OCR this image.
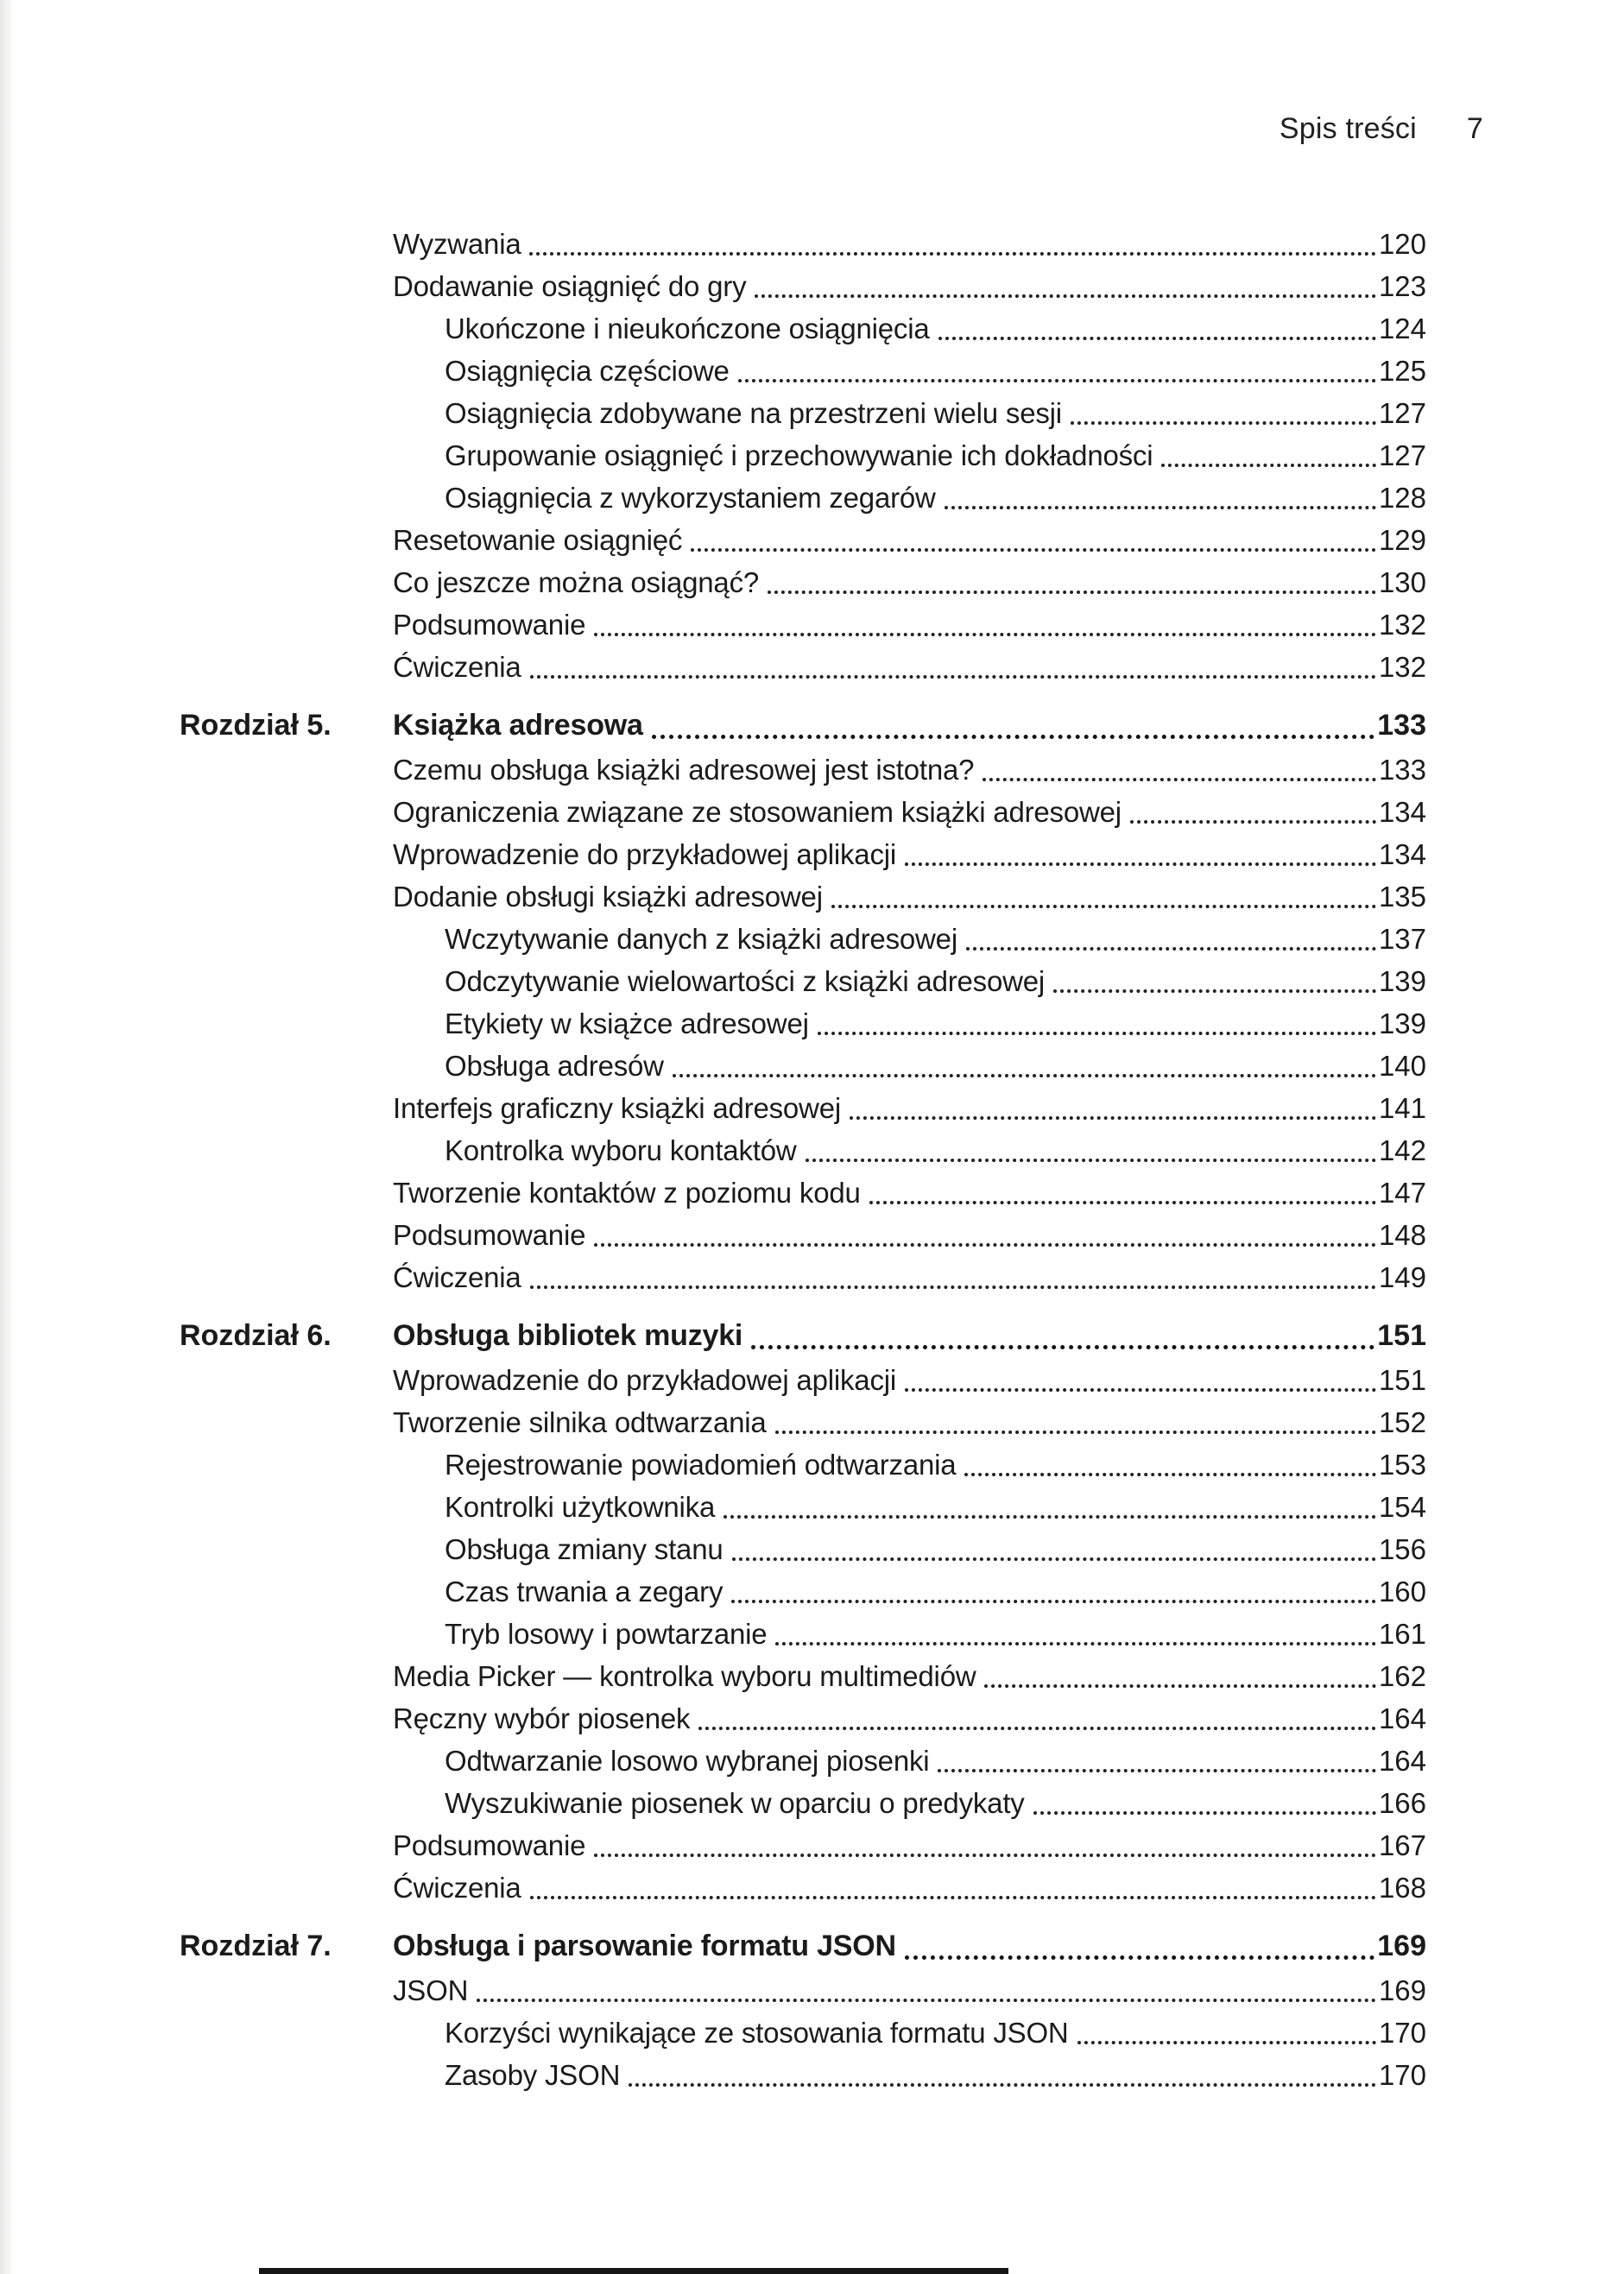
Spis treści 7
Wyzwania	120
Dodawanie osiągnięć do gry	123
Ukończone i nieukończone osiągnięcia	124
Osiągnięcia częściowe	125
Osiągnięcia zdobywane na przestrzeni wielu sesji	127
Grupowanie osiągnięć i przechowywanie ich dokładności	127
Osiągnięcia z wykorzystaniem zegarów	128
Resetowanie osiągnięć	129
Co jeszcze można osiągnąć?	130
Podsumowanie	132
Ćwiczenia	132
Rozdział 5.	Książka adresowa	133
Czemu obsługa książki adresowej jest istotna?	133
Ograniczenia związane ze stosowaniem książki adresowej	134
Wprowadzenie do przykładowej aplikacji	134
Dodanie obsługi książki adresowej	135
Wczytywanie danych z książki adresowej	137
Odczytywanie wielowartości z książki adresowej	139
Etykiety w książce adresowej	139
Obsługa adresów	140
Interfejs graficzny książki adresowej	141
Kontrolka wyboru kontaktów	142
Tworzenie kontaktów z poziomu kodu	147
Podsumowanie	148
Ćwiczenia	149
Rozdział 6.	Obsługa bibliotek muzyki	151
Wprowadzenie do przykładowej aplikacji	151
Tworzenie silnika odtwarzania	152
Rejestrowanie powiadomień odtwarzania	153
Kontrolki użytkownika	154
Obsługa zmiany stanu	156
Czas trwania a zegary	160
Tryb losowy i powtarzanie	161
Media Picker — kontrolka wyboru multimediów	162
Ręczny wybór piosenek	164
Odtwarzanie losowo wybranej piosenki	164
Wyszukiwanie piosenek w oparciu o predykaty	166
Podsumowanie	167
Ćwiczenia	168
Rozdział 7.	Obsługa i parsowanie formatu JSON	169
JSON	169
Korzyści wynikające ze stosowania formatu JSON	170
Zasoby JSON	170
